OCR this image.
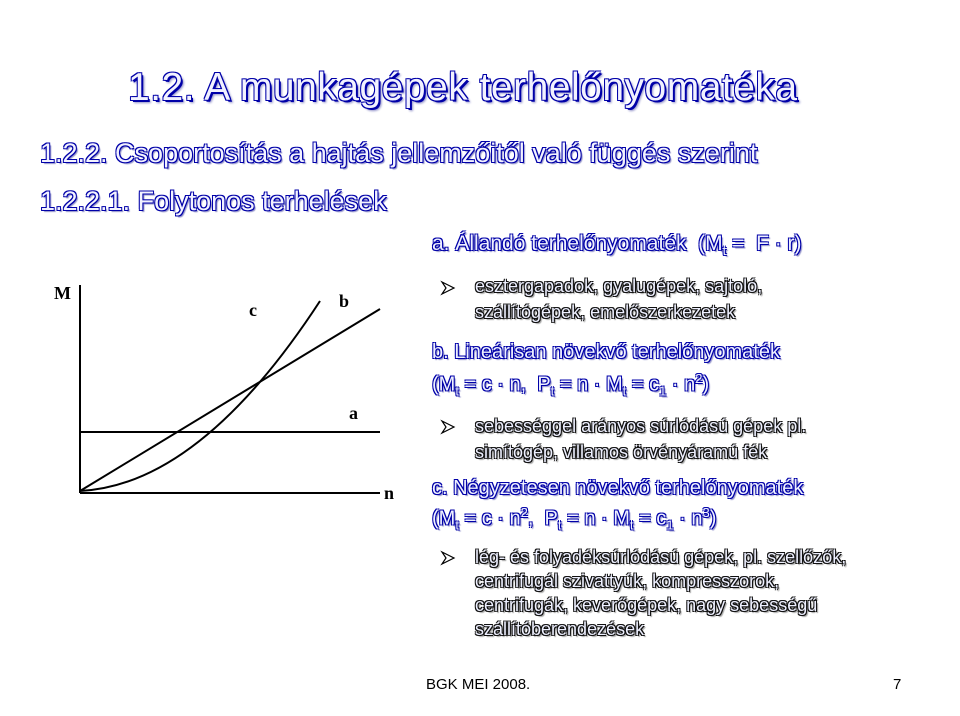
1.2. A munkagépek terhelőnyomatéka
1.2.2. Csoportosítás a hajtás jellemzőitől való függés szerint
1.2.2.1. Folytonos terhelések
a. Állandó terhelőnyomaték  $(M_t = F \cdot r)$
esztergapadok, gyalugépek, sajtoló,
szállítógépek, emelőszerkezetek
b. Lineárisan növekvő terhelőnyomaték
($M_t = c \cdot n$,  $P_t = n \cdot M_t = c_1 \cdot n^2$)
sebességgel arányos súrlódású gépek pl.
simítógép, villamos örvényáramú fék
c. Négyzetesen növekvő terhelőnyomaték
($M_t = c \cdot n^2$,  $P_t = n \cdot M_t = c_1 \cdot n^3$)
lég- és folyadéksúrlódású gépek, pl. szellőzők,
centrifugál szivattyúk, kompresszorok,
centrifugák, keverőgépek, nagy sebességű
szállítóberendezések
M
n
c	b
a
BGK MEI 2008.	7
